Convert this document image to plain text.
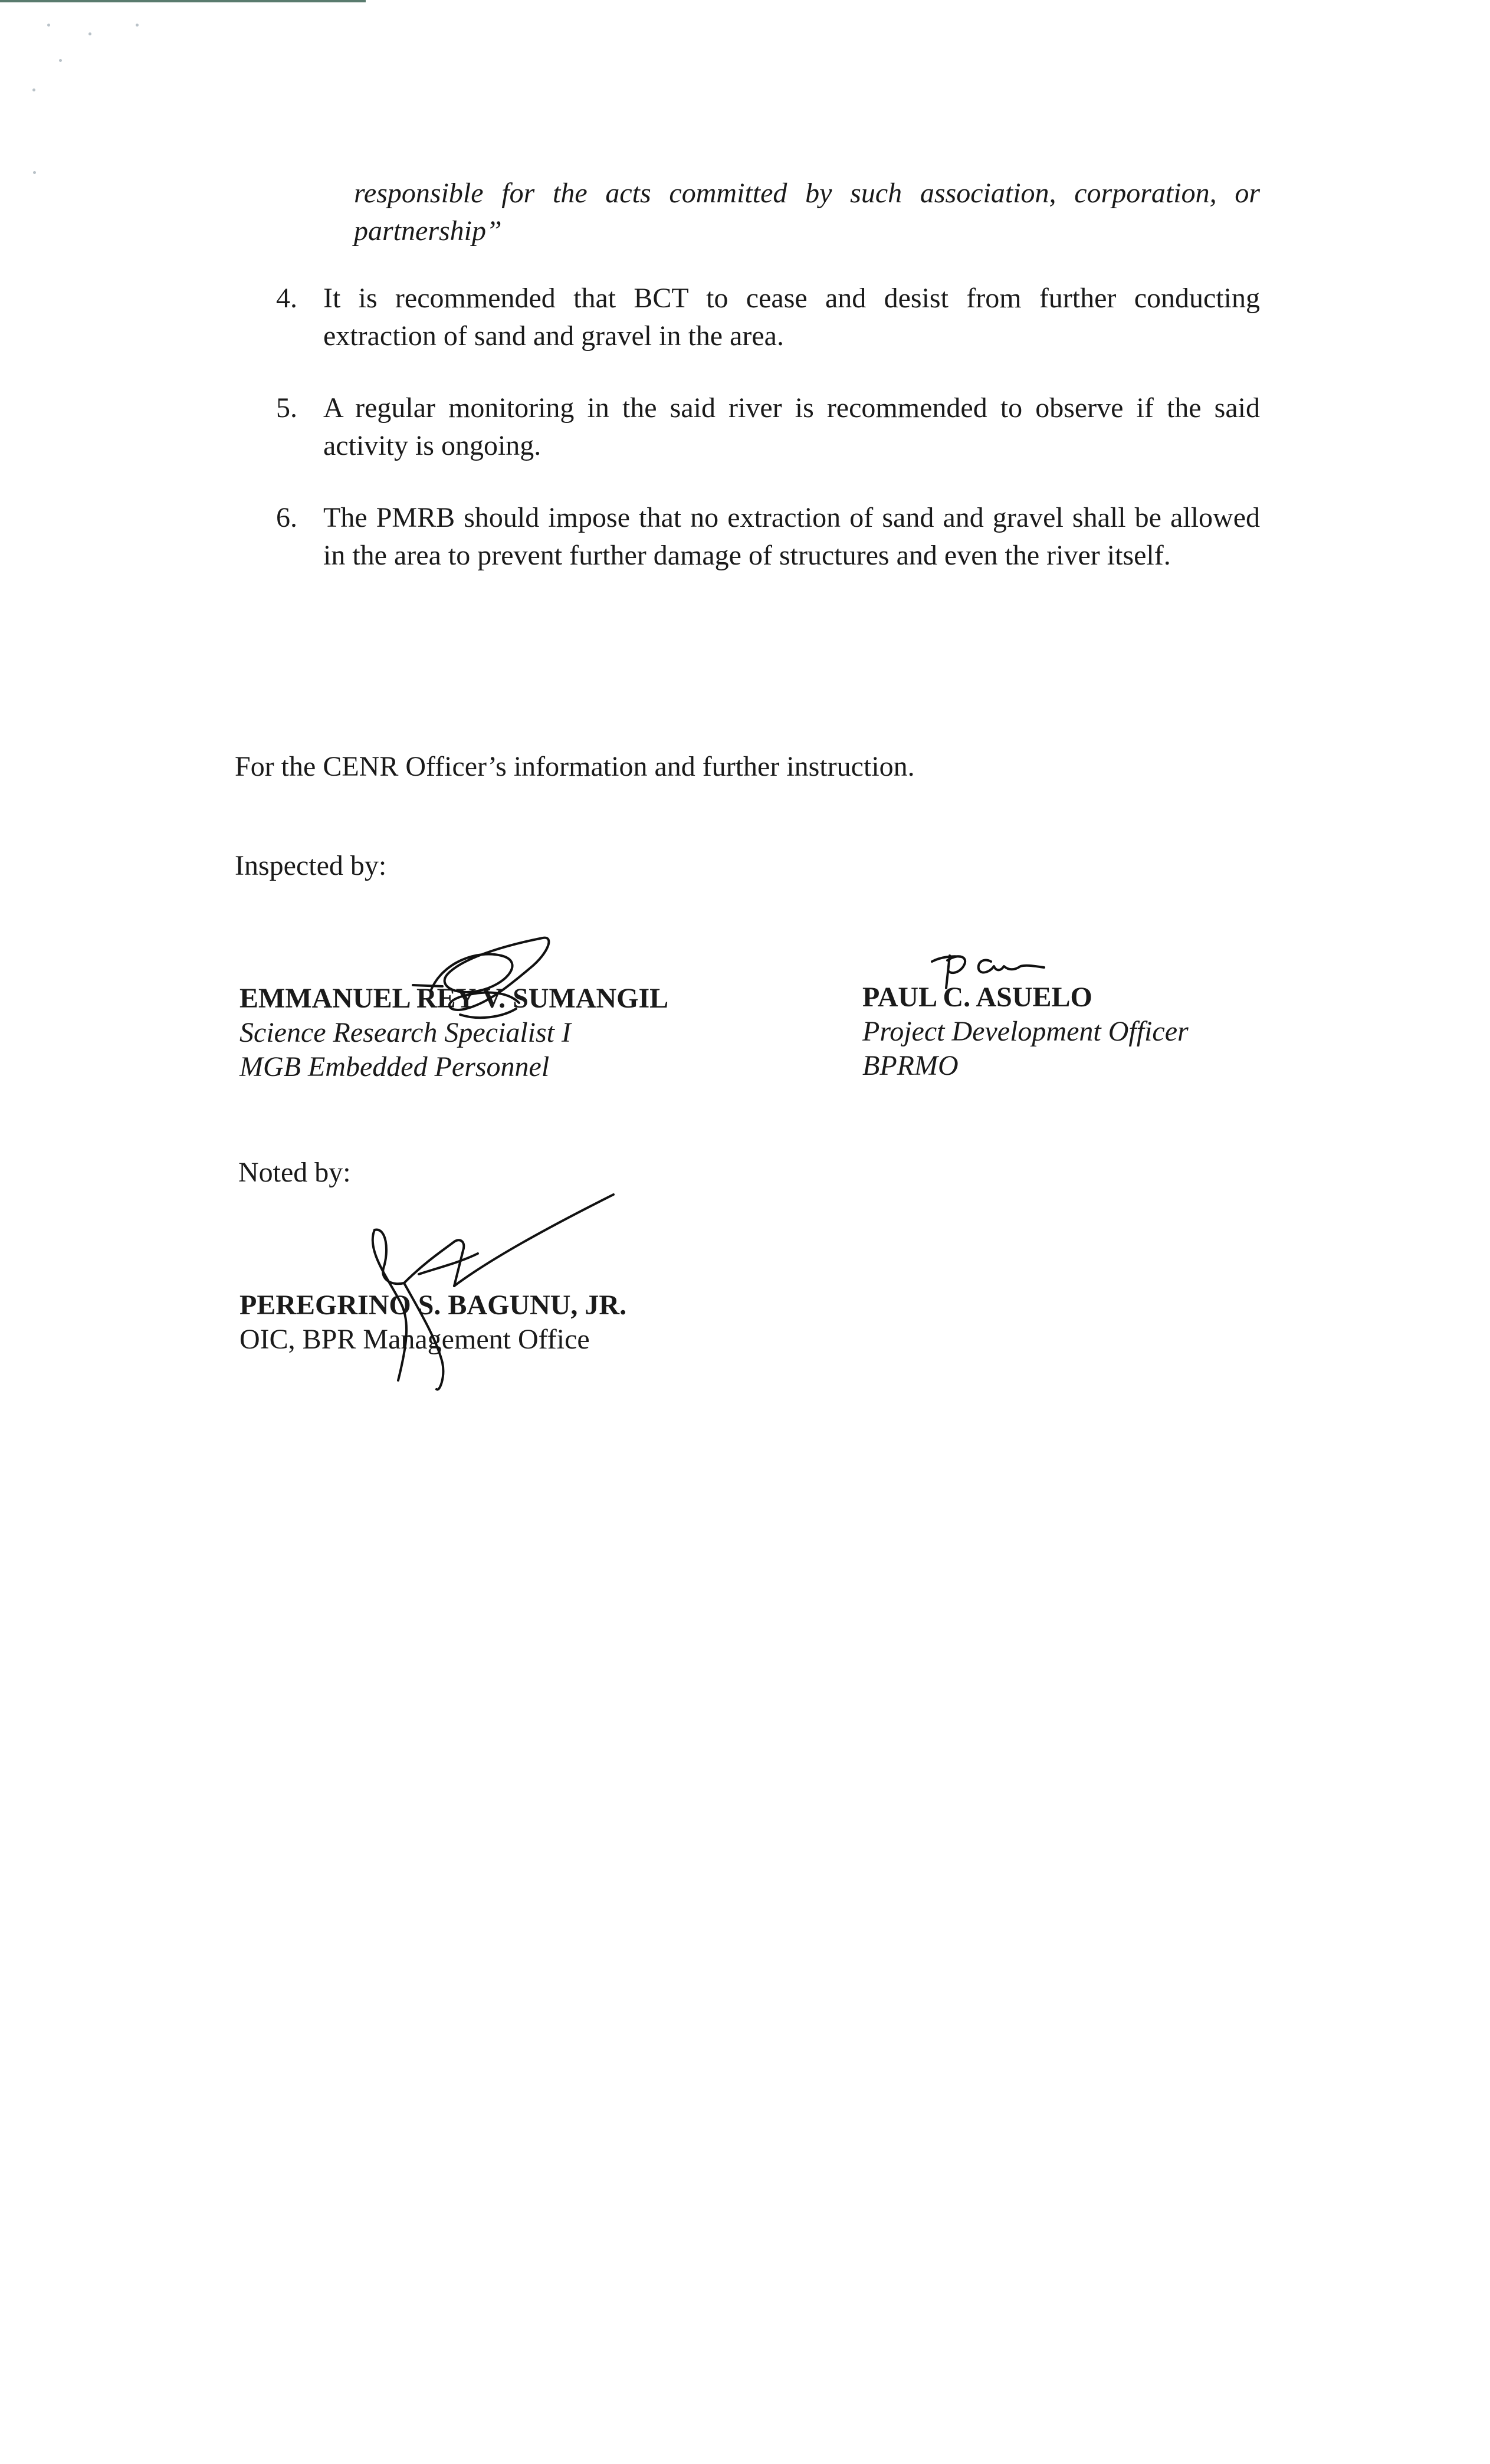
responsible for the acts committed by such association, corporation, or partnership”

4. It is recommended that BCT to cease and desist from further conducting extraction of sand and gravel in the area.
5. A regular monitoring in the said river is recommended to observe if the said activity is ongoing.
6. The PMRB should impose that no extraction of sand and gravel shall be allowed in the area to prevent further damage of structures and even the river itself.

For the CENR Officer’s information and further instruction.

Inspected by:

EMMANUEL REY V. SUMANGIL
Science Research Specialist I
MGB Embedded Personnel
PAUL C. ASUELO
Project Development Officer
BPRMO

Noted by:

PEREGRINO S. BAGUNU, JR.
OIC, BPR Management Office
